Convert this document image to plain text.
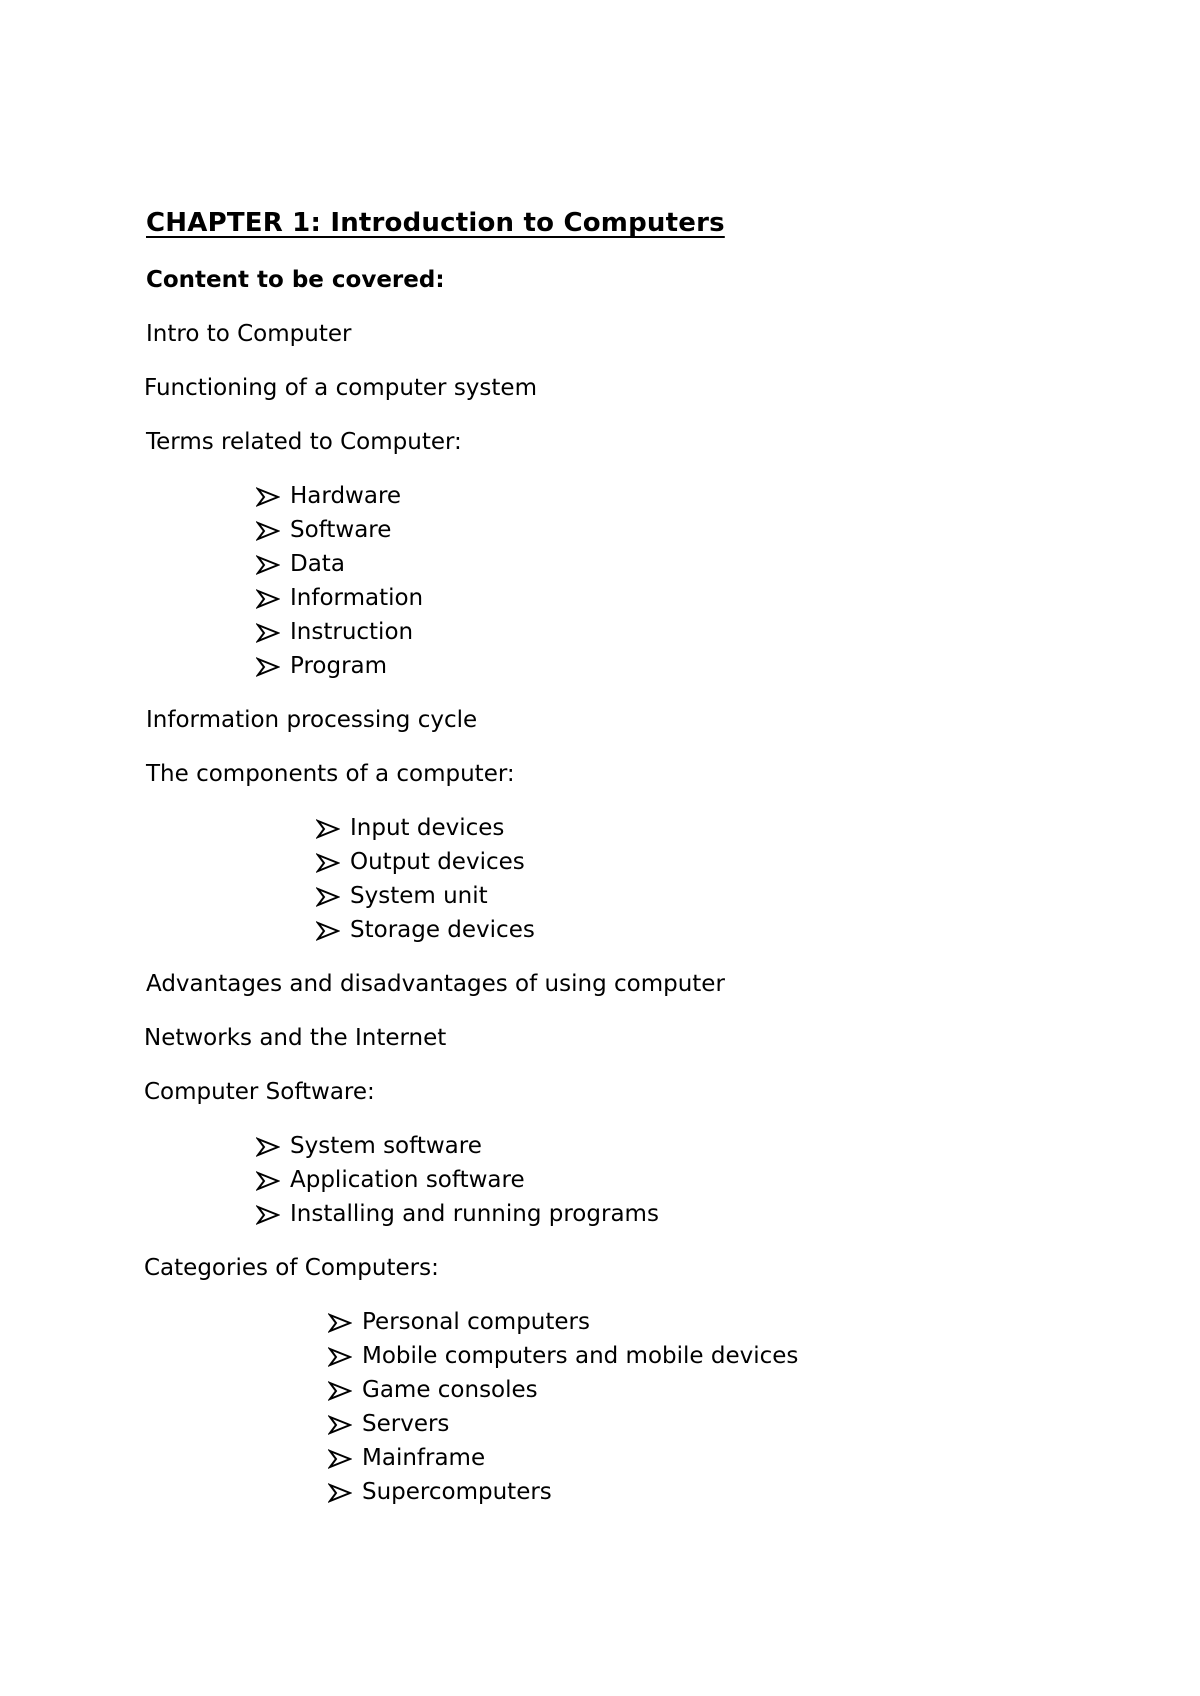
CHAPTER 1: Introduction to Computers
Content to be covered:
Intro to Computer
Functioning of a computer system
Terms related to Computer:
Hardware
Software
Data
Information
Instruction
Program
Information processing cycle
The components of a computer:
Input devices
Output devices
System unit
Storage devices
Advantages and disadvantages of using computer
Networks and the Internet
Computer Software:
System software
Application software
Installing and running programs
Categories of Computers:
Personal computers
Mobile computers and mobile devices
Game consoles
Servers
Mainframe
Supercomputers
